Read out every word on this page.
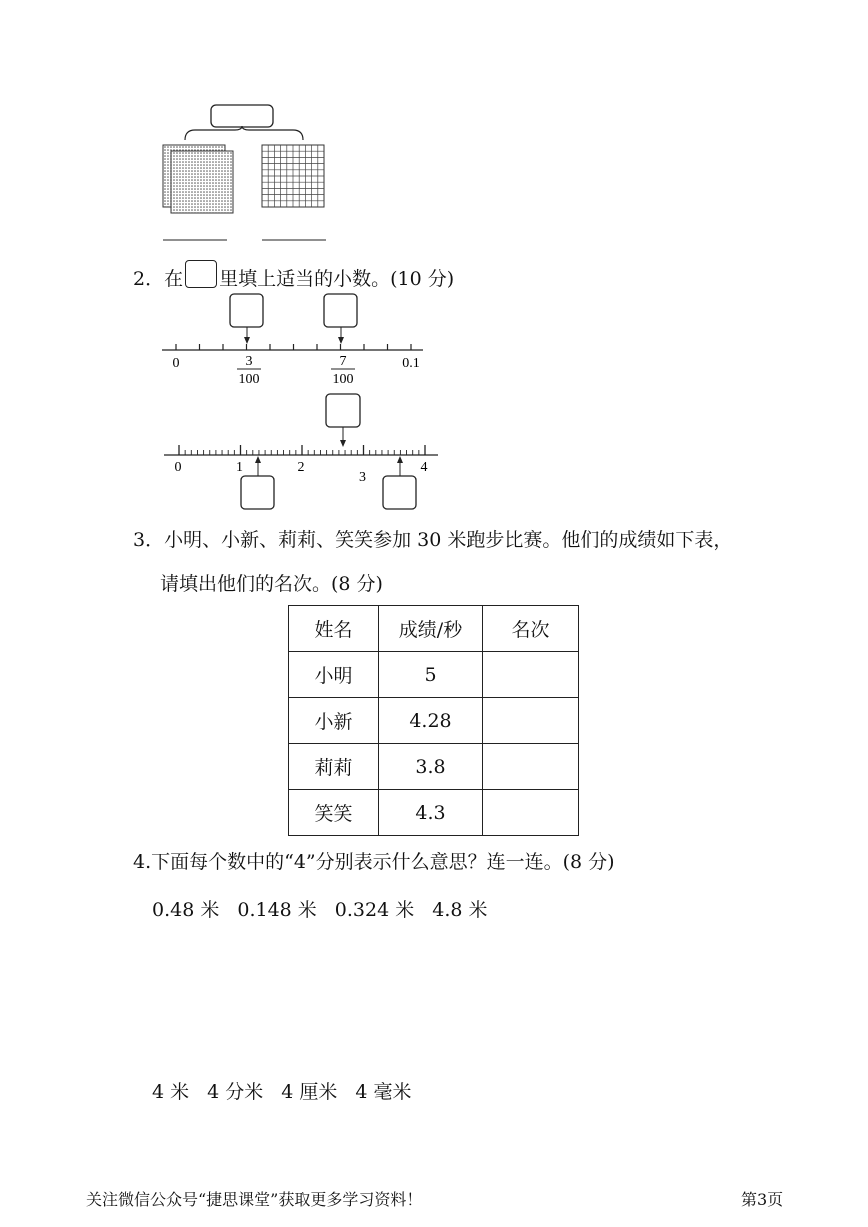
2．在 里填上适当的小数。(10 分)
0	0.1
3
100
7
100
0	1	2
3
4
3．小明、小新、莉莉、笑笑参加 30 米跑步比赛。他们的成绩如下表，
请填出他们的名次。(8 分)
姓名	成绩/秒	名次
小明	5	
小新	4.28	
莉莉	3.8	
笑笑	4.3	
4.下面每个数中的“4”分别表示什么意思？连一连。(8 分)
0.48 米 0.148 米 0.324 米 4.8 米
4 米 4 分米 4 厘米 4 毫米
关注微信公众号“捷思课堂”获取更多学习资料！	第3页
